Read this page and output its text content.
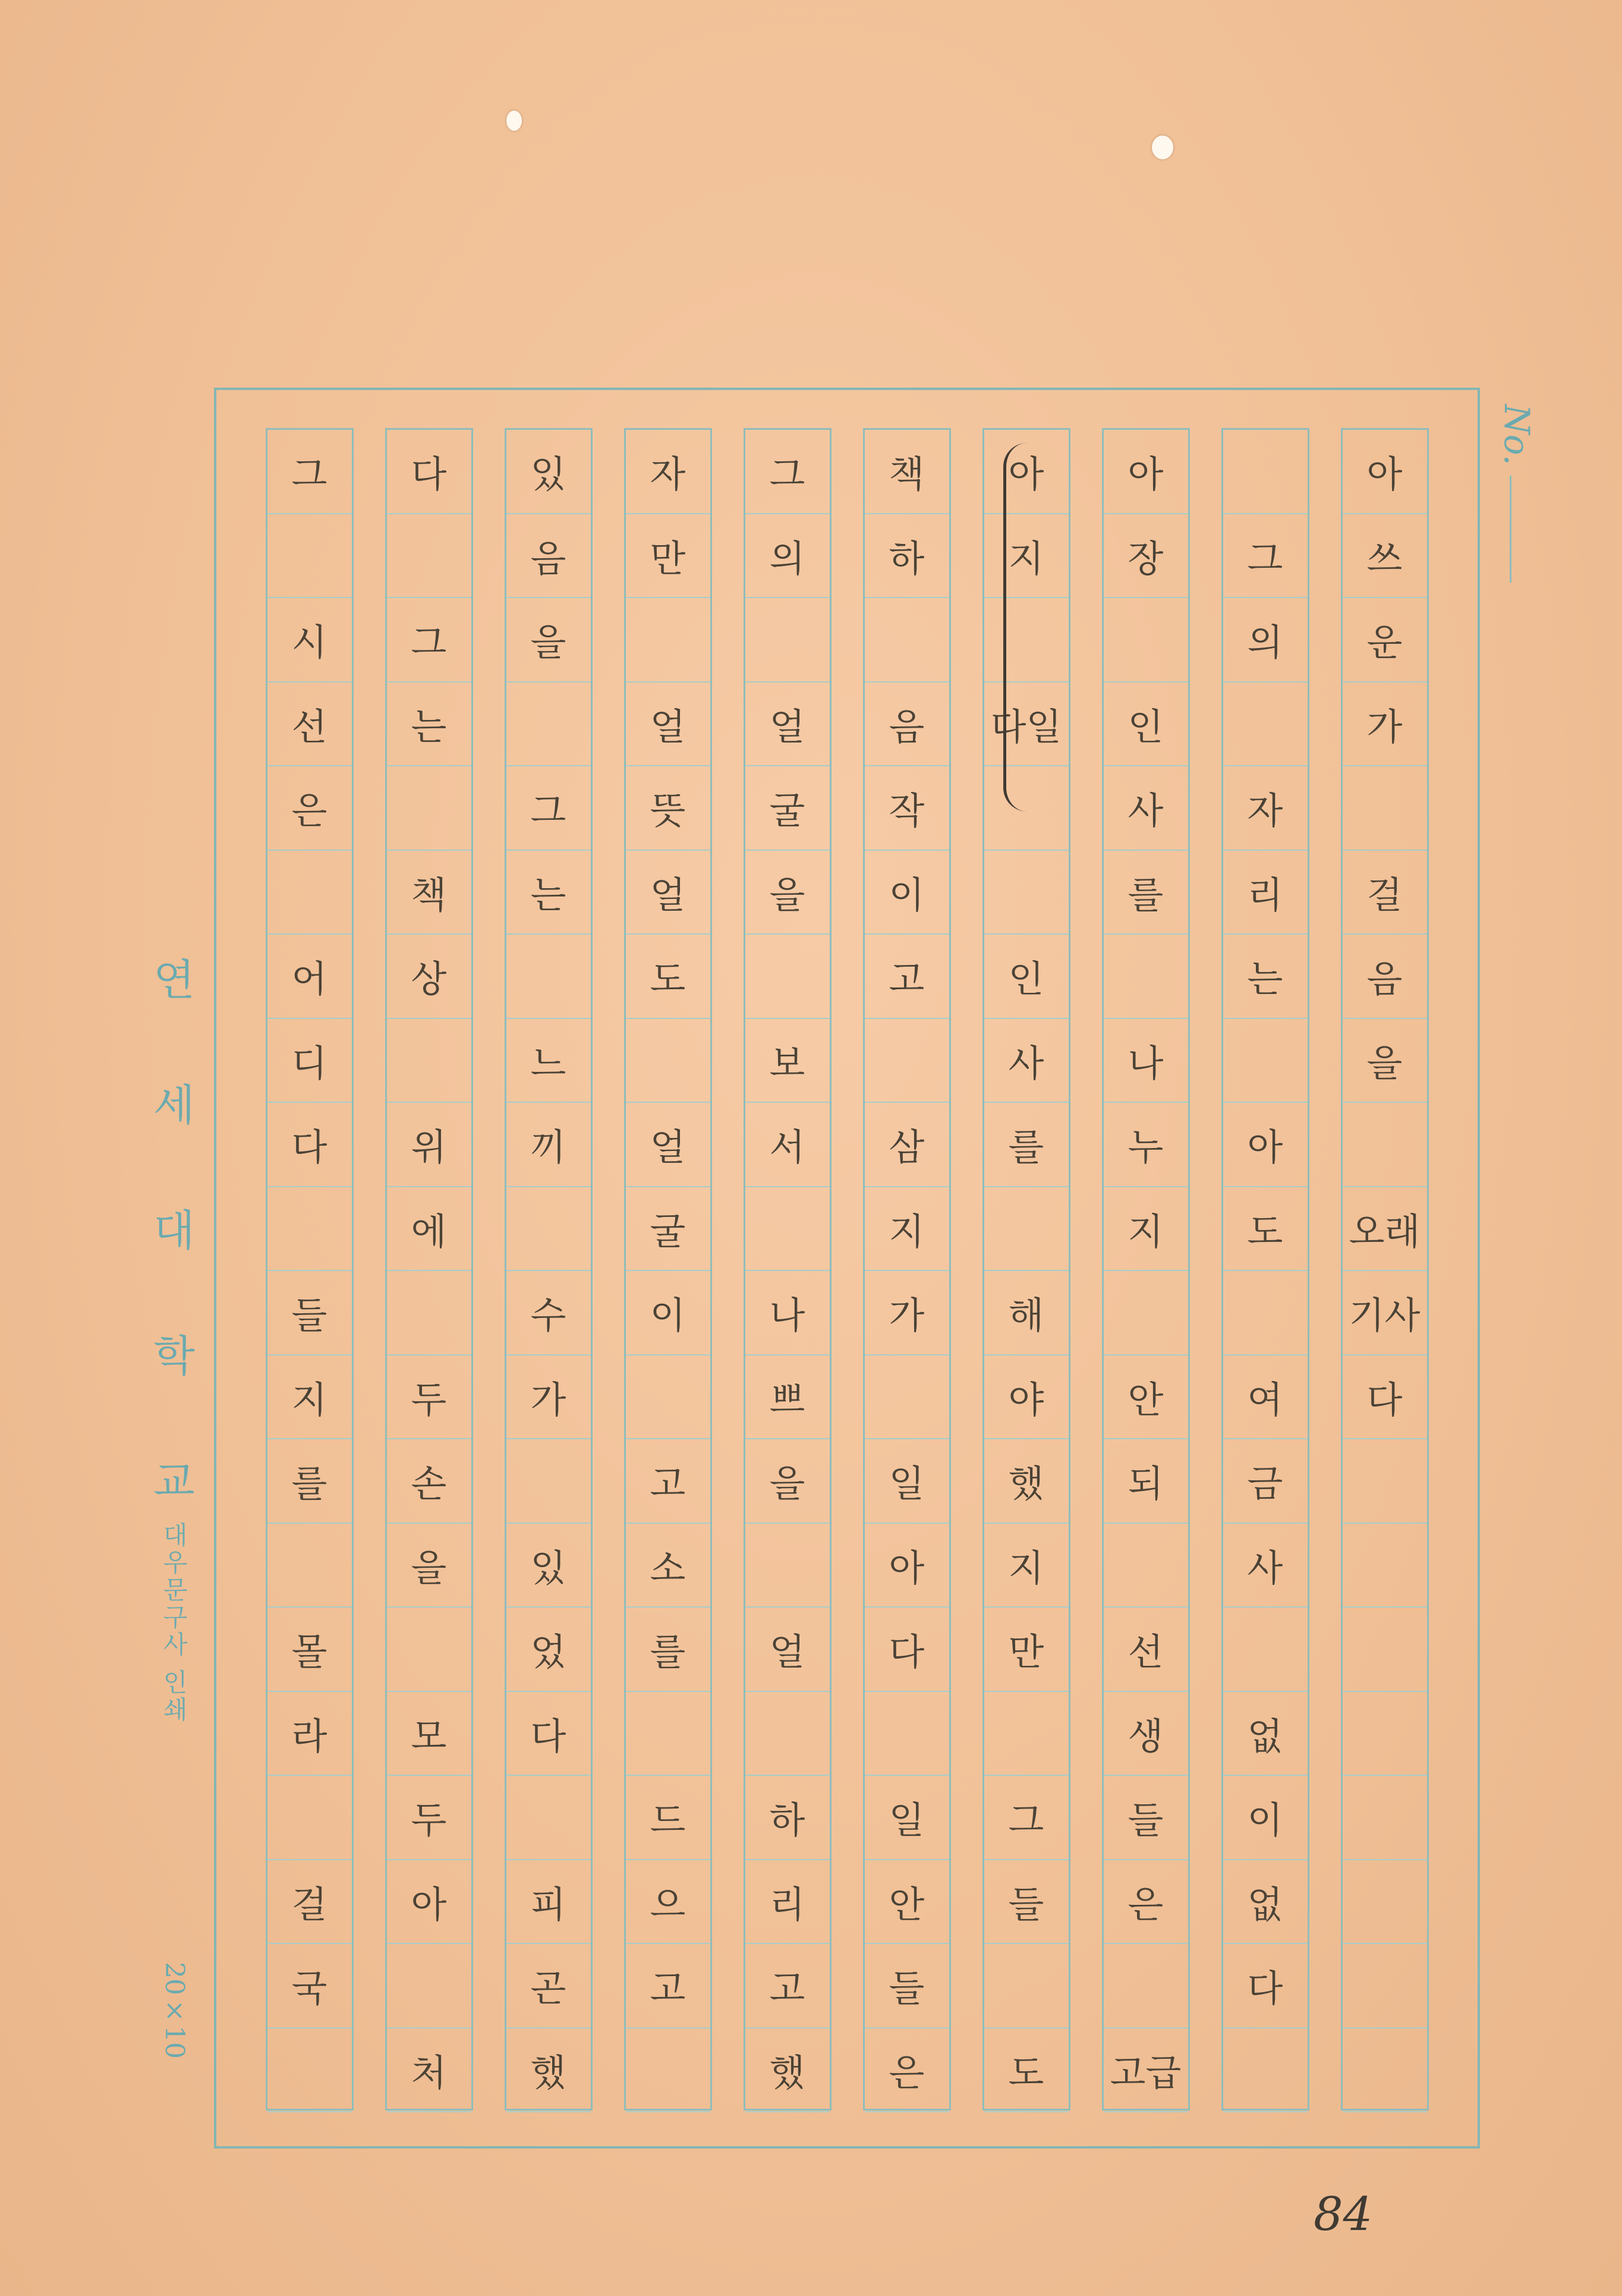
No.
연 세 대 학 교
대우문구사 인쇄
20×10
아
쓰
운
가
걸
음
을
오래
기사
다
그
의
자
리
는
아
도
여
금
사
없
이
없
다
아
장
인
사
를
나
누
지
안
되
선
생
들
은
고급
아
지
다일
인
사
를
해
야
했
지
만
그
들
도
책
하
음
작
이
고
삼
지
가
일
아
다
일
안
들
은
그
의
얼
굴
을
보
서
나
쁘
을
얼
하
리
고
했
자
만
얼
뜻
얼
도
얼
굴
이
고
소
를
드
으
고
있
음
을
그
는
느
끼
수
가
있
었
다
피
곤
했
다
그
는
책
상
위
에
두
손
을
모
두
아
처
그
시
선
은
어
디
다
들
지
를
몰
라
걸
국
84
